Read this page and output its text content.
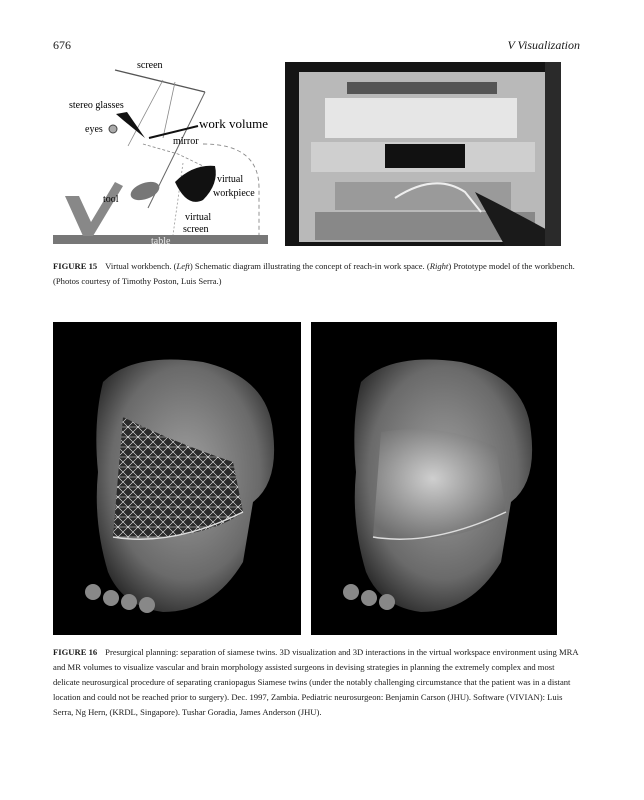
676	V Visualization
screen
stereo glasses
eyes	work volume
mirror
virtual
workpiece
tool
virtual
screen
table
FIGURE 15 Virtual workbench. (Left) Schematic diagram illustrating the concept of reach-in work space. (Right) Prototype model of the workbench. (Photos courtesy of Timothy Poston, Luis Serra.)
FIGURE 16 Presurgical planning: separation of siamese twins. 3D visualization and 3D interactions in the virtual workspace environment using MRA and MR volumes to visualize vascular and brain morphology assisted surgeons in devising strategies in planning the extremely complex and most delicate neurosurgical procedure of separating craniopagus Siamese twins (under the notably challenging circumstance that the patient was in a distant location and could not be reached prior to surgery). Dec. 1997, Zambia. Pediatric neurosurgeon: Benjamin Carson (JHU). Software (VIVIAN): Luis Serra, Ng Hern, (KRDL, Singapore). Tushar Goradia, James Anderson (JHU).
